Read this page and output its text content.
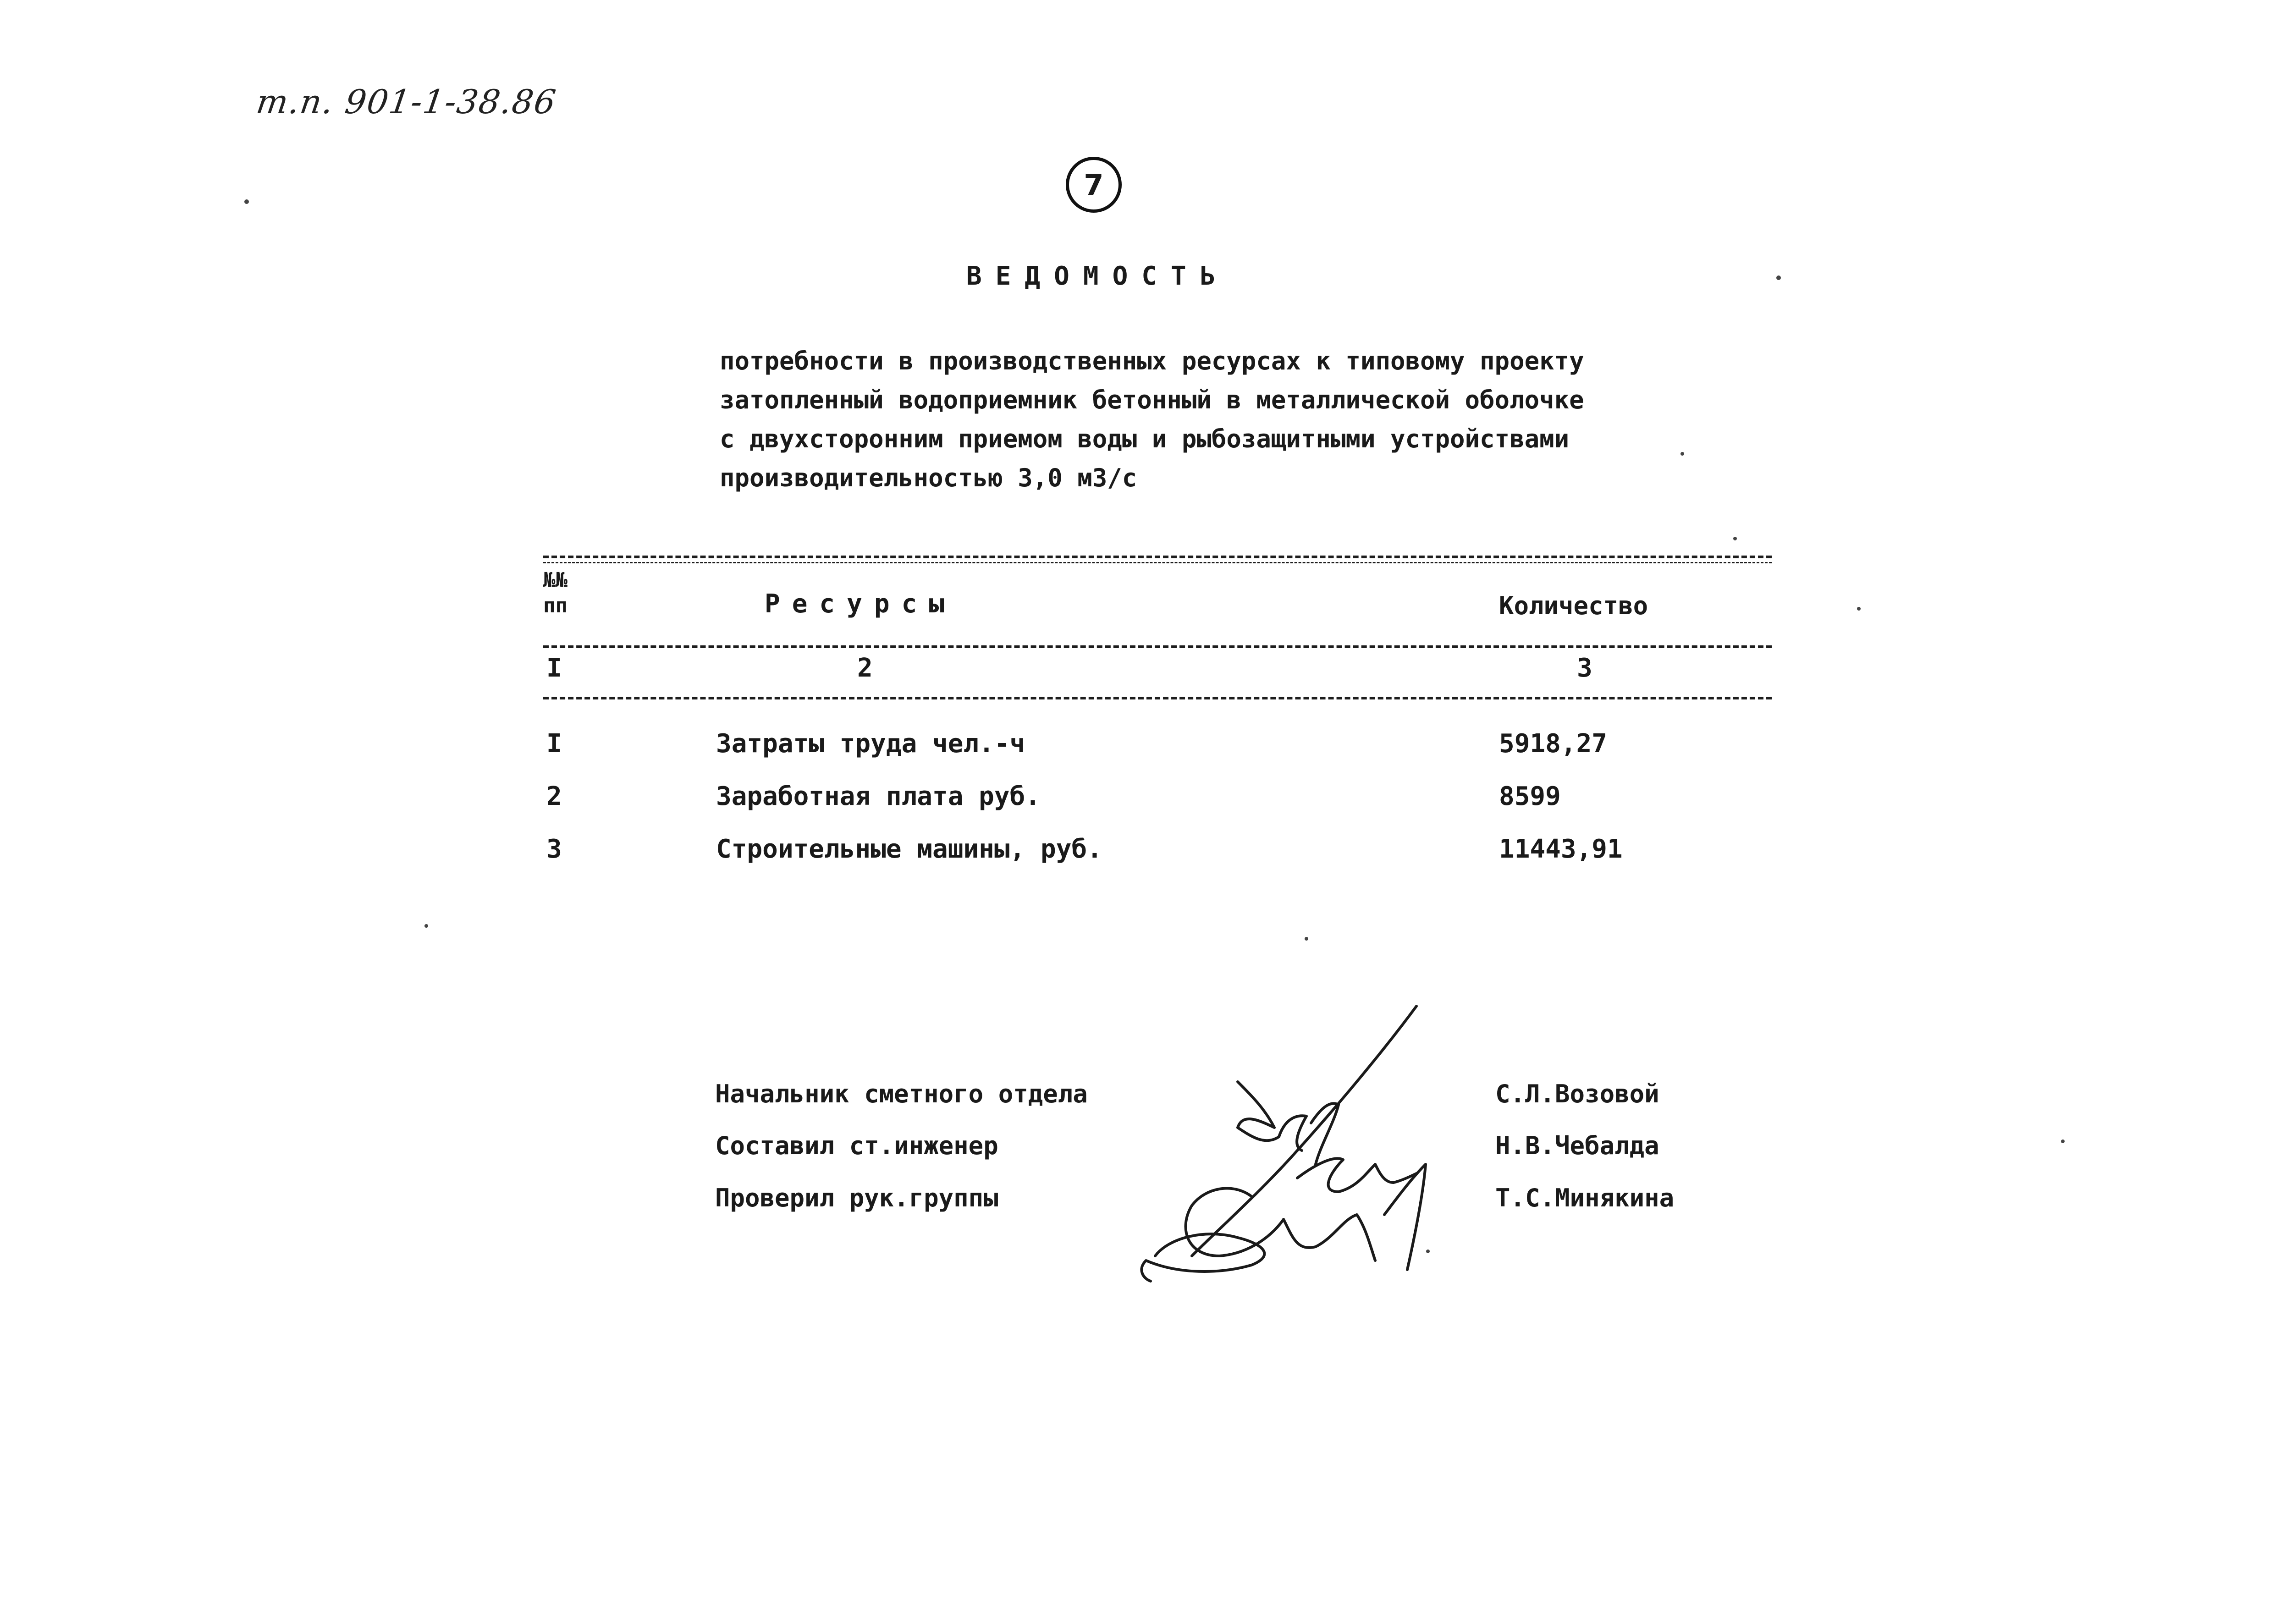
т.п. 901-1-38.86
7
ВЕДОМОСТЬ
потребности в производственных ресурсах к типовому проекту
затопленный водоприемник бетонный в металлической оболочке
с двухсторонним приемом воды и рыбозащитными устройствами
производительностью 3,0 м3/с
№№
пп	Ресурсы	Количество
I	2	3
I	Затраты труда чел.-ч	5918,27
2	Заработная плата руб.	8599
3	Строительные машины, руб.	11443,91
Начальник сметного отдела	С.Л.Возовой
Составил ст.инженер	Н.В.Чебалда
Проверил рук.группы	Т.С.Минякина
